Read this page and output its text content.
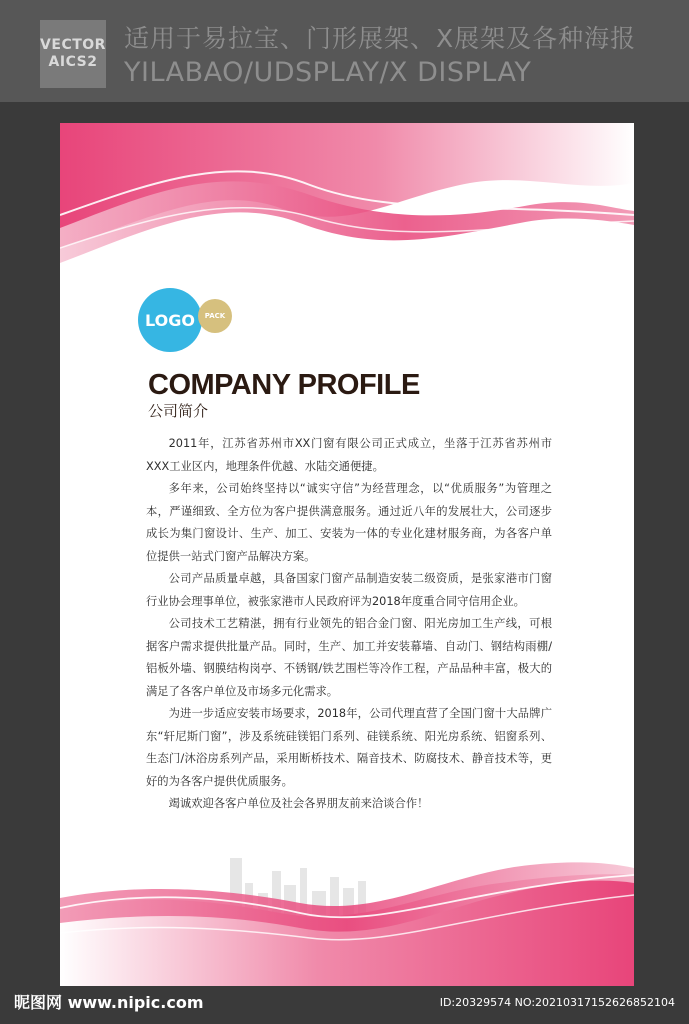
VECTOR
AICS2
适用于易拉宝、门形展架、X展架及各种海报
YILABAO/UDSPLAY/X DISPLAY
LOGO	PACK
COMPANY PROFILE
公司简介

2011年，江苏省苏州市XX门窗有限公司正式成立，坐落于江苏省苏州市XXX工业区内，地理条件优越、水陆交通便捷。

多年来，公司始终坚持以“诚实守信”为经营理念，以“优质服务”为管理之本，严谨细致、全方位为客户提供满意服务。通过近八年的发展壮大，公司逐步成长为集门窗设计、生产、加工、安装为一体的专业化建材服务商，为各客户单位提供一站式门窗产品解决方案。

公司产品质量卓越，具备国家门窗产品制造安装二级资质，是张家港市门窗行业协会理事单位，被张家港市人民政府评为2018年度重合同守信用企业。

公司技术工艺精湛，拥有行业领先的铝合金门窗、阳光房加工生产线，可根据客户需求提供批量产品。同时，生产、加工并安装幕墙、自动门、钢结构雨棚/铝板外墙、钢膜结构岗亭、不锈钢/铁艺围栏等冷作工程，产品品种丰富，极大的满足了各客户单位及市场多元化需求。

为进一步适应安装市场要求，2018年，公司代理直营了全国门窗十大品牌广东“轩尼斯门窗”，涉及系统硅镁铝门系列、硅镁系统、阳光房系统、铝窗系列、生态门/沐浴房系列产品，采用断桥技术、隔音技术、防腐技术、静音技术等，更好的为各客户提供优质服务。

竭诚欢迎各客户单位及社会各界朋友前来洽谈合作！

昵图网 www.nipic.com	ID:20329574 NO:20210317152626852104
